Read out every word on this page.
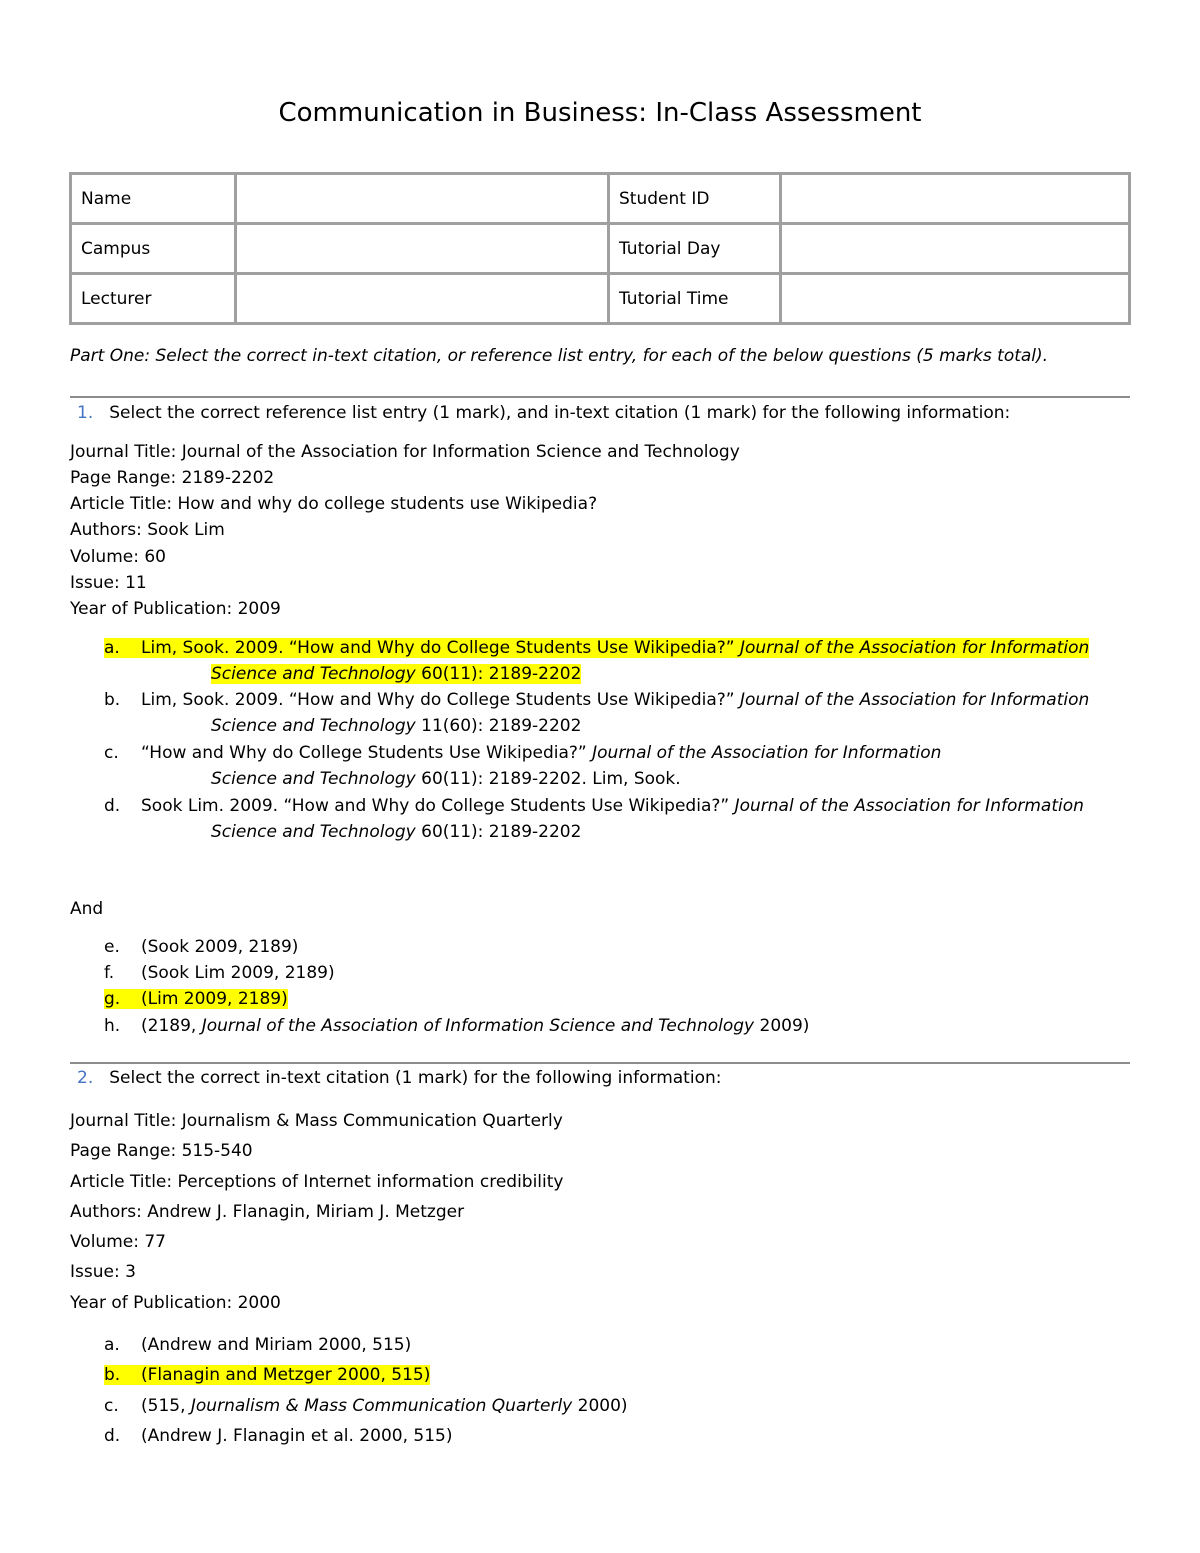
Communication in Business: In-Class Assessment
Name		Student ID	
Campus		Tutorial Day	
Lecturer		Tutorial Time	
Part One: Select the correct in-text citation, or reference list entry, for each of the below questions (5 marks total).
1. Select the correct reference list entry (1 mark), and in-text citation (1 mark) for the following information:
Journal Title: Journal of the Association for Information Science and Technology
Page Range: 2189-2202
Article Title: How and why do college students use Wikipedia?
Authors: Sook Lim
Volume: 60
Issue: 11
Year of Publication: 2009
a. Lim, Sook. 2009. “How and Why do College Students Use Wikipedia?” Journal of the Association for Information
Science and Technology 60(11): 2189-2202
b. Lim, Sook. 2009. “How and Why do College Students Use Wikipedia?” Journal of the Association for Information
Science and Technology 11(60): 2189-2202
c. “How and Why do College Students Use Wikipedia?” Journal of the Association for Information
Science and Technology 60(11): 2189-2202. Lim, Sook.
d. Sook Lim. 2009. “How and Why do College Students Use Wikipedia?” Journal of the Association for Information
Science and Technology 60(11): 2189-2202
And
e. (Sook 2009, 2189)
f. (Sook Lim 2009, 2189)
g. (Lim 2009, 2189)
h. (2189, Journal of the Association of Information Science and Technology 2009)
2. Select the correct in-text citation (1 mark) for the following information:
Journal Title: Journalism & Mass Communication Quarterly
Page Range: 515-540
Article Title: Perceptions of Internet information credibility
Authors: Andrew J. Flanagin, Miriam J. Metzger
Volume: 77
Issue: 3
Year of Publication: 2000
a. (Andrew and Miriam 2000, 515)
b. (Flanagin and Metzger 2000, 515)
c. (515, Journalism & Mass Communication Quarterly 2000)
d. (Andrew J. Flanagin et al. 2000, 515)
